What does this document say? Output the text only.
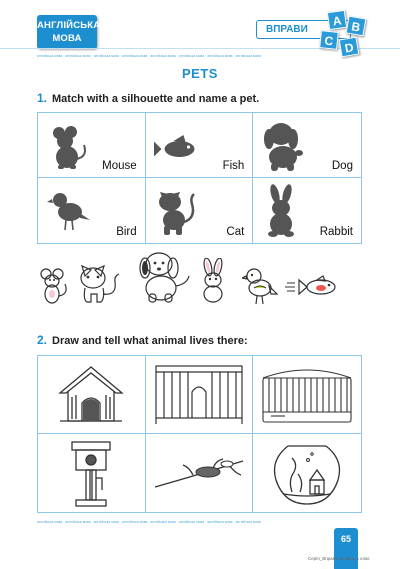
АНГЛІЙСЬКА
МОВА
ВПРАВИ
A B
C D
англійська мова · англійська мова · англійська мова · англійська мова · англійська мова · англійська мова · англійська мова · англійська мова
PETS
1. Match with a silhouette and name a pet.
Mouse	Fish	Dog
Bird	Cat	Rabbit
2. Draw and tell what animal lives there:
англійська мова · англійська мова · англійська мова · англійська мова · англійська мова · англійська мова · англійська мова · англійська мова
65
Серія_Вправа зб завд_1 клас
